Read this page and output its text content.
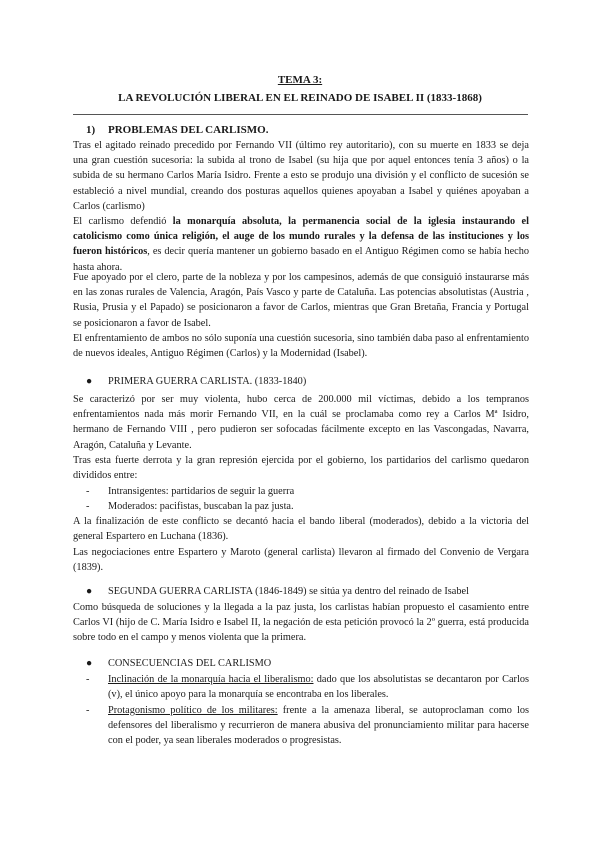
TEMA 3:
LA REVOLUCIÓN LIBERAL EN EL REINADO DE ISABEL II (1833-1868)
1) PROBLEMAS DEL CARLISMO.
Tras el agitado reinado precedido por Fernando VII (último rey autoritario), con su muerte en 1833 se deja una gran cuestión sucesoria: la subida al trono de Isabel (su hija que por aquel entonces tenía 3 años) o la subida de su hermano Carlos María Isidro. Frente a esto se produjo una división y el conflicto de sucesión se estableció a nivel mundial, creando dos posturas aquellos quienes apoyaban a Isabel y quiénes apoyaban a Carlos (carlismo)
El carlismo defendió la monarquía absoluta, la permanencia social de la iglesia instaurando el catolicismo como única religión, el auge de los mundo rurales y la defensa de las instituciones y los fueron históricos, es decir quería mantener un gobierno basado en el Antiguo Régimen como se había hecho hasta ahora.
Fue apoyado por el clero, parte de la nobleza y por los campesinos, además de que consiguió instaurarse más en las zonas rurales de Valencia, Aragón, País Vasco y parte de Cataluña. Las potencias absolutistas (Austria , Rusia, Prusia y el Papado) se posicionaron a favor de Carlos, mientras que Gran Bretaña, Francia y Portugal se posicionaron a favor de Isabel.
El enfrentamiento de ambos no sólo suponía una cuestión sucesoria, sino también daba paso al enfrentamiento de nuevos ideales, Antiguo Régimen (Carlos) y la Modernidad (Isabel).
● PRIMERA GUERRA CARLISTA. (1833-1840)
Se caracterizó por ser muy violenta, hubo cerca de 200.000 mil víctimas, debido a los tempranos enfrentamientos nada más morir Fernando VII, en la cuál se proclamaba como rey a Carlos Mª Isidro, hermano de Fernando VIII , pero pudieron ser sofocadas fácilmente excepto en las Vascongadas, Navarra, Aragón, Cataluña y Levante.
Tras esta fuerte derrota y la gran represión ejercida por el gobierno, los partidarios del carlismo quedaron divididos entre:
- Intransigentes: partidarios de seguir la guerra
- Moderados: pacifistas, buscaban la paz justa.
A la finalización de este conflicto se decantó hacia el bando liberal (moderados), debido a la victoria del general Espartero en Luchana (1836).
Las negociaciones entre Espartero y Maroto (general carlista) llevaron al firmado del Convenio de Vergara (1839).
● SEGUNDA GUERRA CARLISTA (1846-1849) se sitúa ya dentro del reinado de Isabel
Como búsqueda de soluciones y la llegada a la paz justa, los carlistas habían propuesto el casamiento entre Carlos VI (hijo de C. María Isidro e Isabel II, la negación de esta petición provocó la 2º guerra, está producida sobre todo en el campo y menos violenta que la primera.
● CONSECUENCIAS DEL CARLISMO
- Inclinación de la monarquía hacia el liberalismo: dado que los absolutistas se decantaron por Carlos (v), el único apoyo para la monarquía se encontraba en los liberales.
- Protagonismo político de los militares: frente a la amenaza liberal, se autoproclaman como los defensores del liberalismo y recurrieron de manera abusiva del pronunciamiento militar para hacerse con el poder, ya sean liberales moderados o progresistas.
